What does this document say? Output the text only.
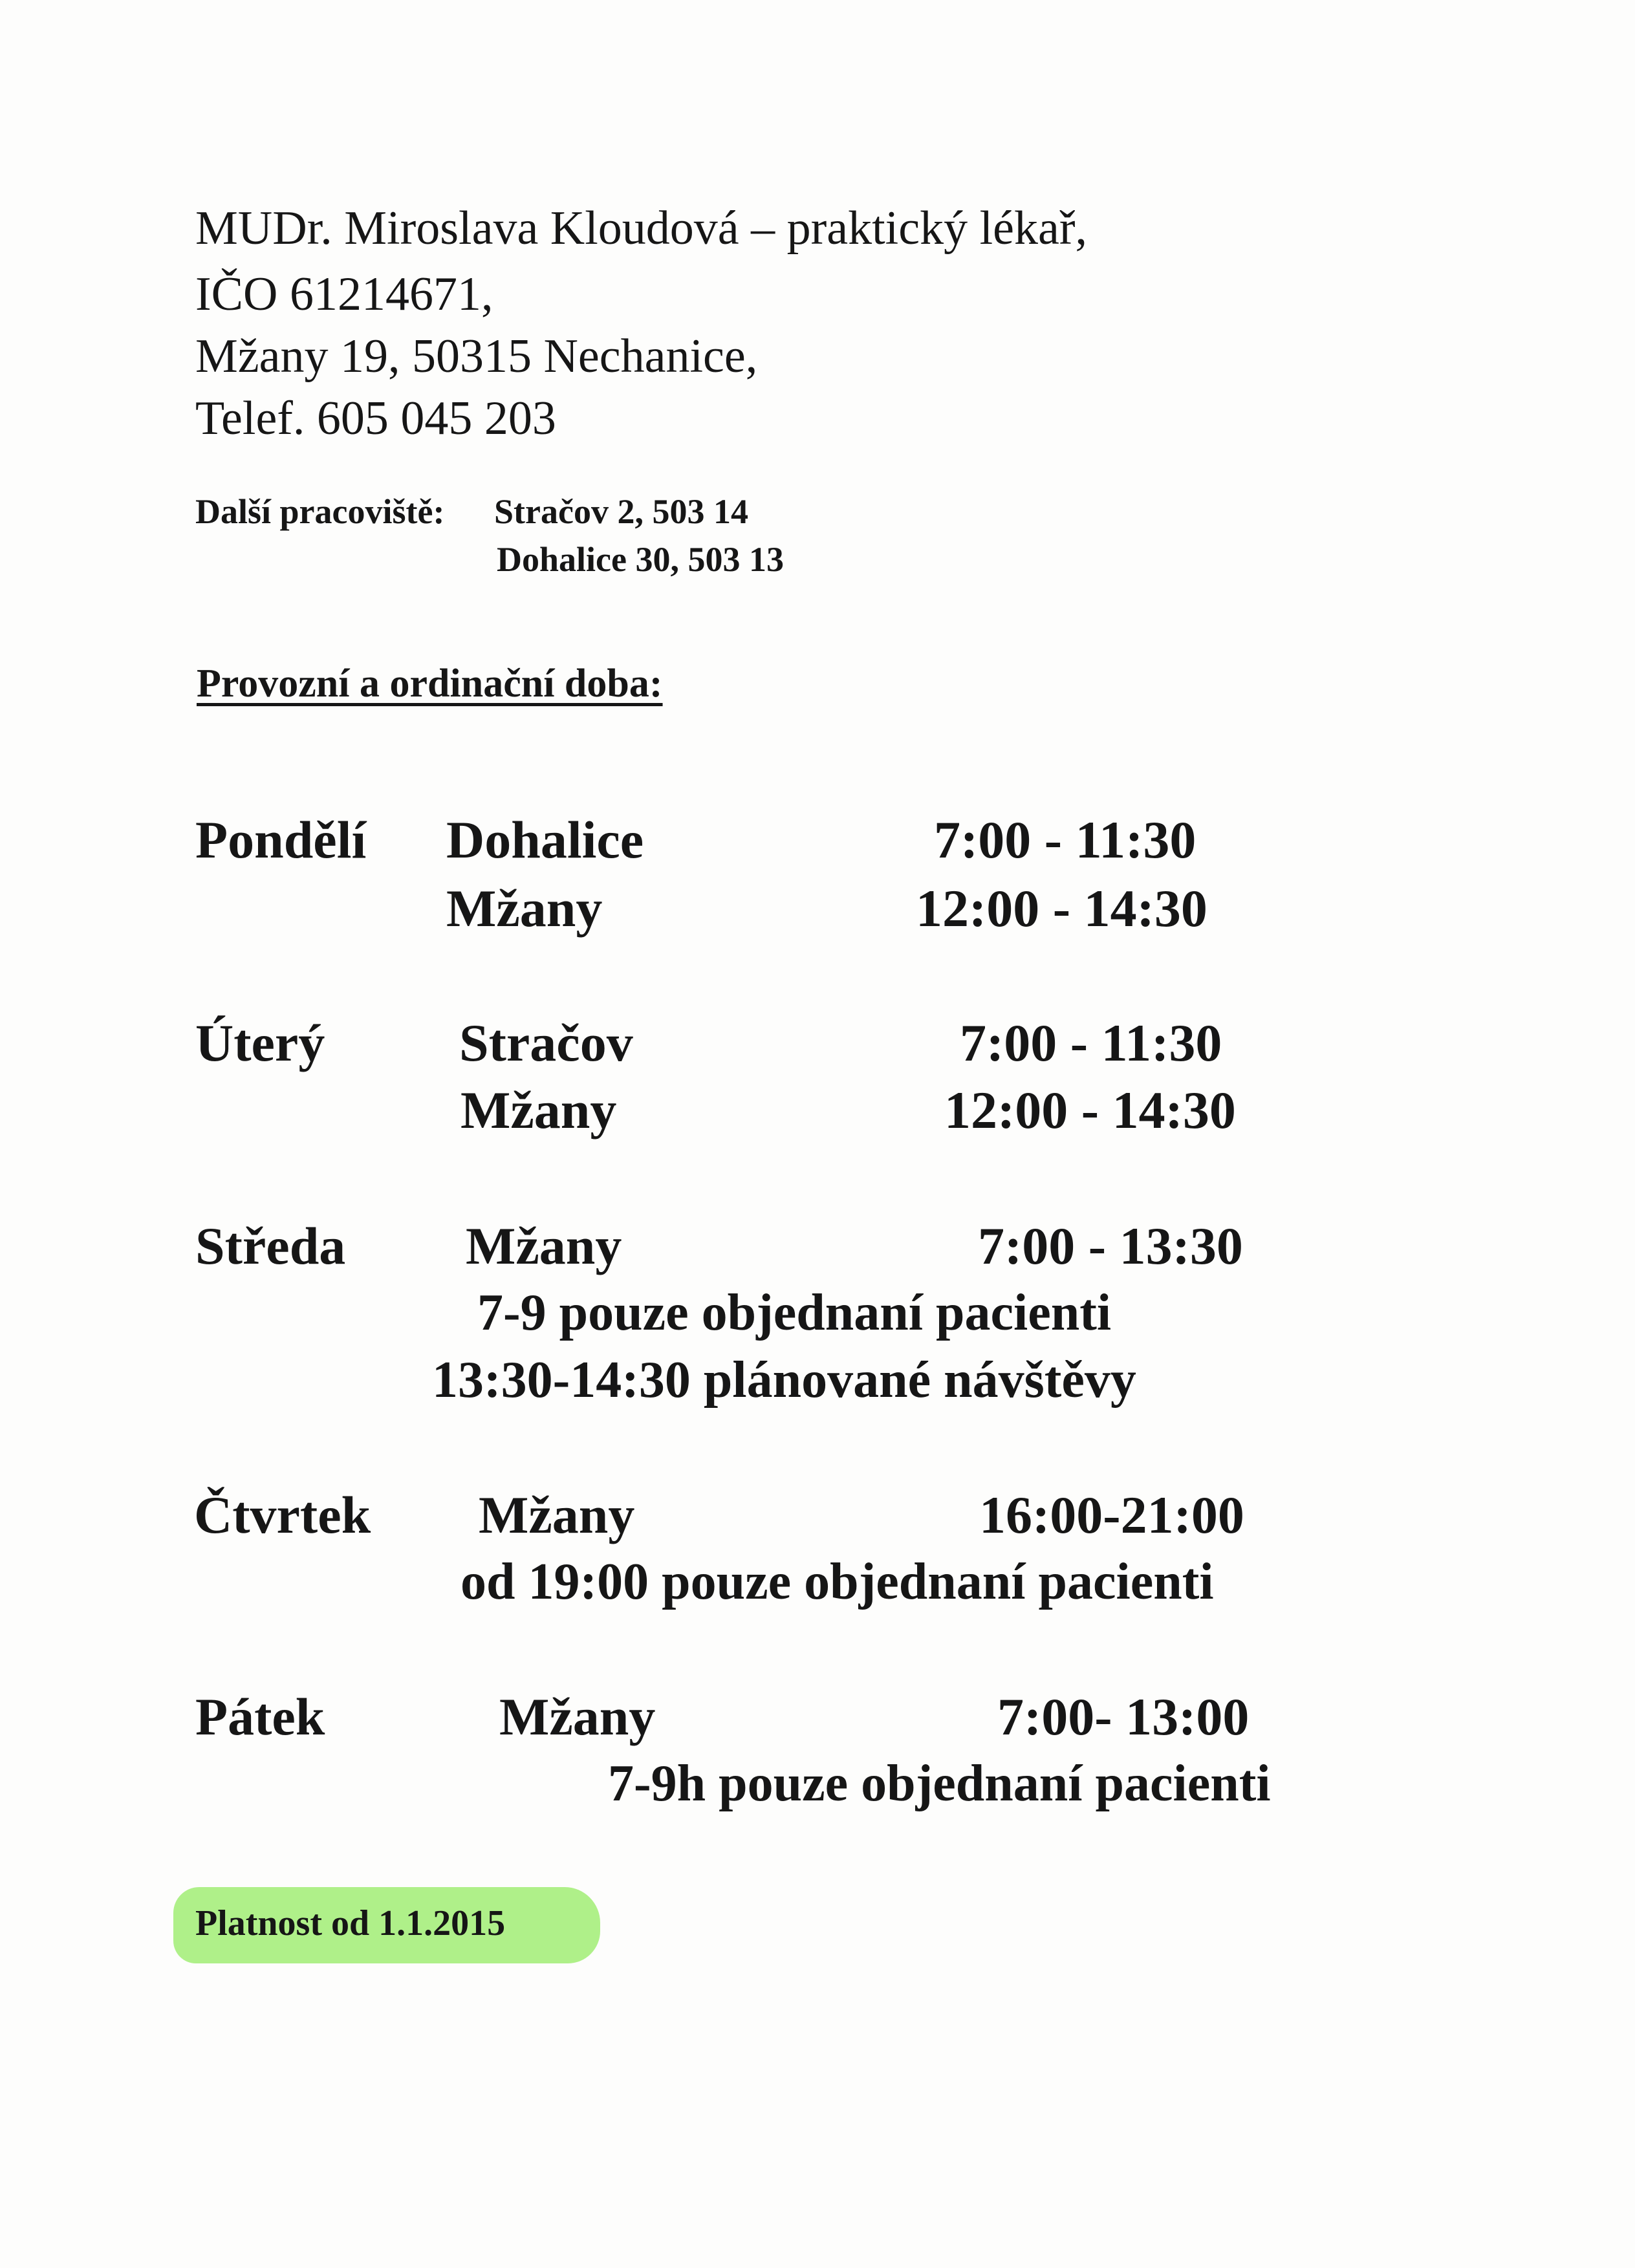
MUDr. Miroslava Kloudová – praktický lékař,
IČO 61214671,
Mžany 19, 50315 Nechanice,
Telef. 605 045 203
Další pracoviště: Stračov 2, 503 14
Dohalice 30, 503 13
Provozní a ordinační doba:
Pondělí Dohalice	7:00 - 11:30
Mžany	12:00 - 14:30
Úterý	Stračov	7:00 - 11:30
Mžany	12:00 - 14:30
Středa Mžany	7:00 - 13:30
7-9 pouze objednaní pacienti
13:30-14:30 plánované návštěvy
Čtvrtek Mžany	16:00-21:00
od 19:00 pouze objednaní pacienti
Pátek	Mžany	7:00- 13:00
7-9h pouze objednaní pacienti
Platnost od 1.1.2015
